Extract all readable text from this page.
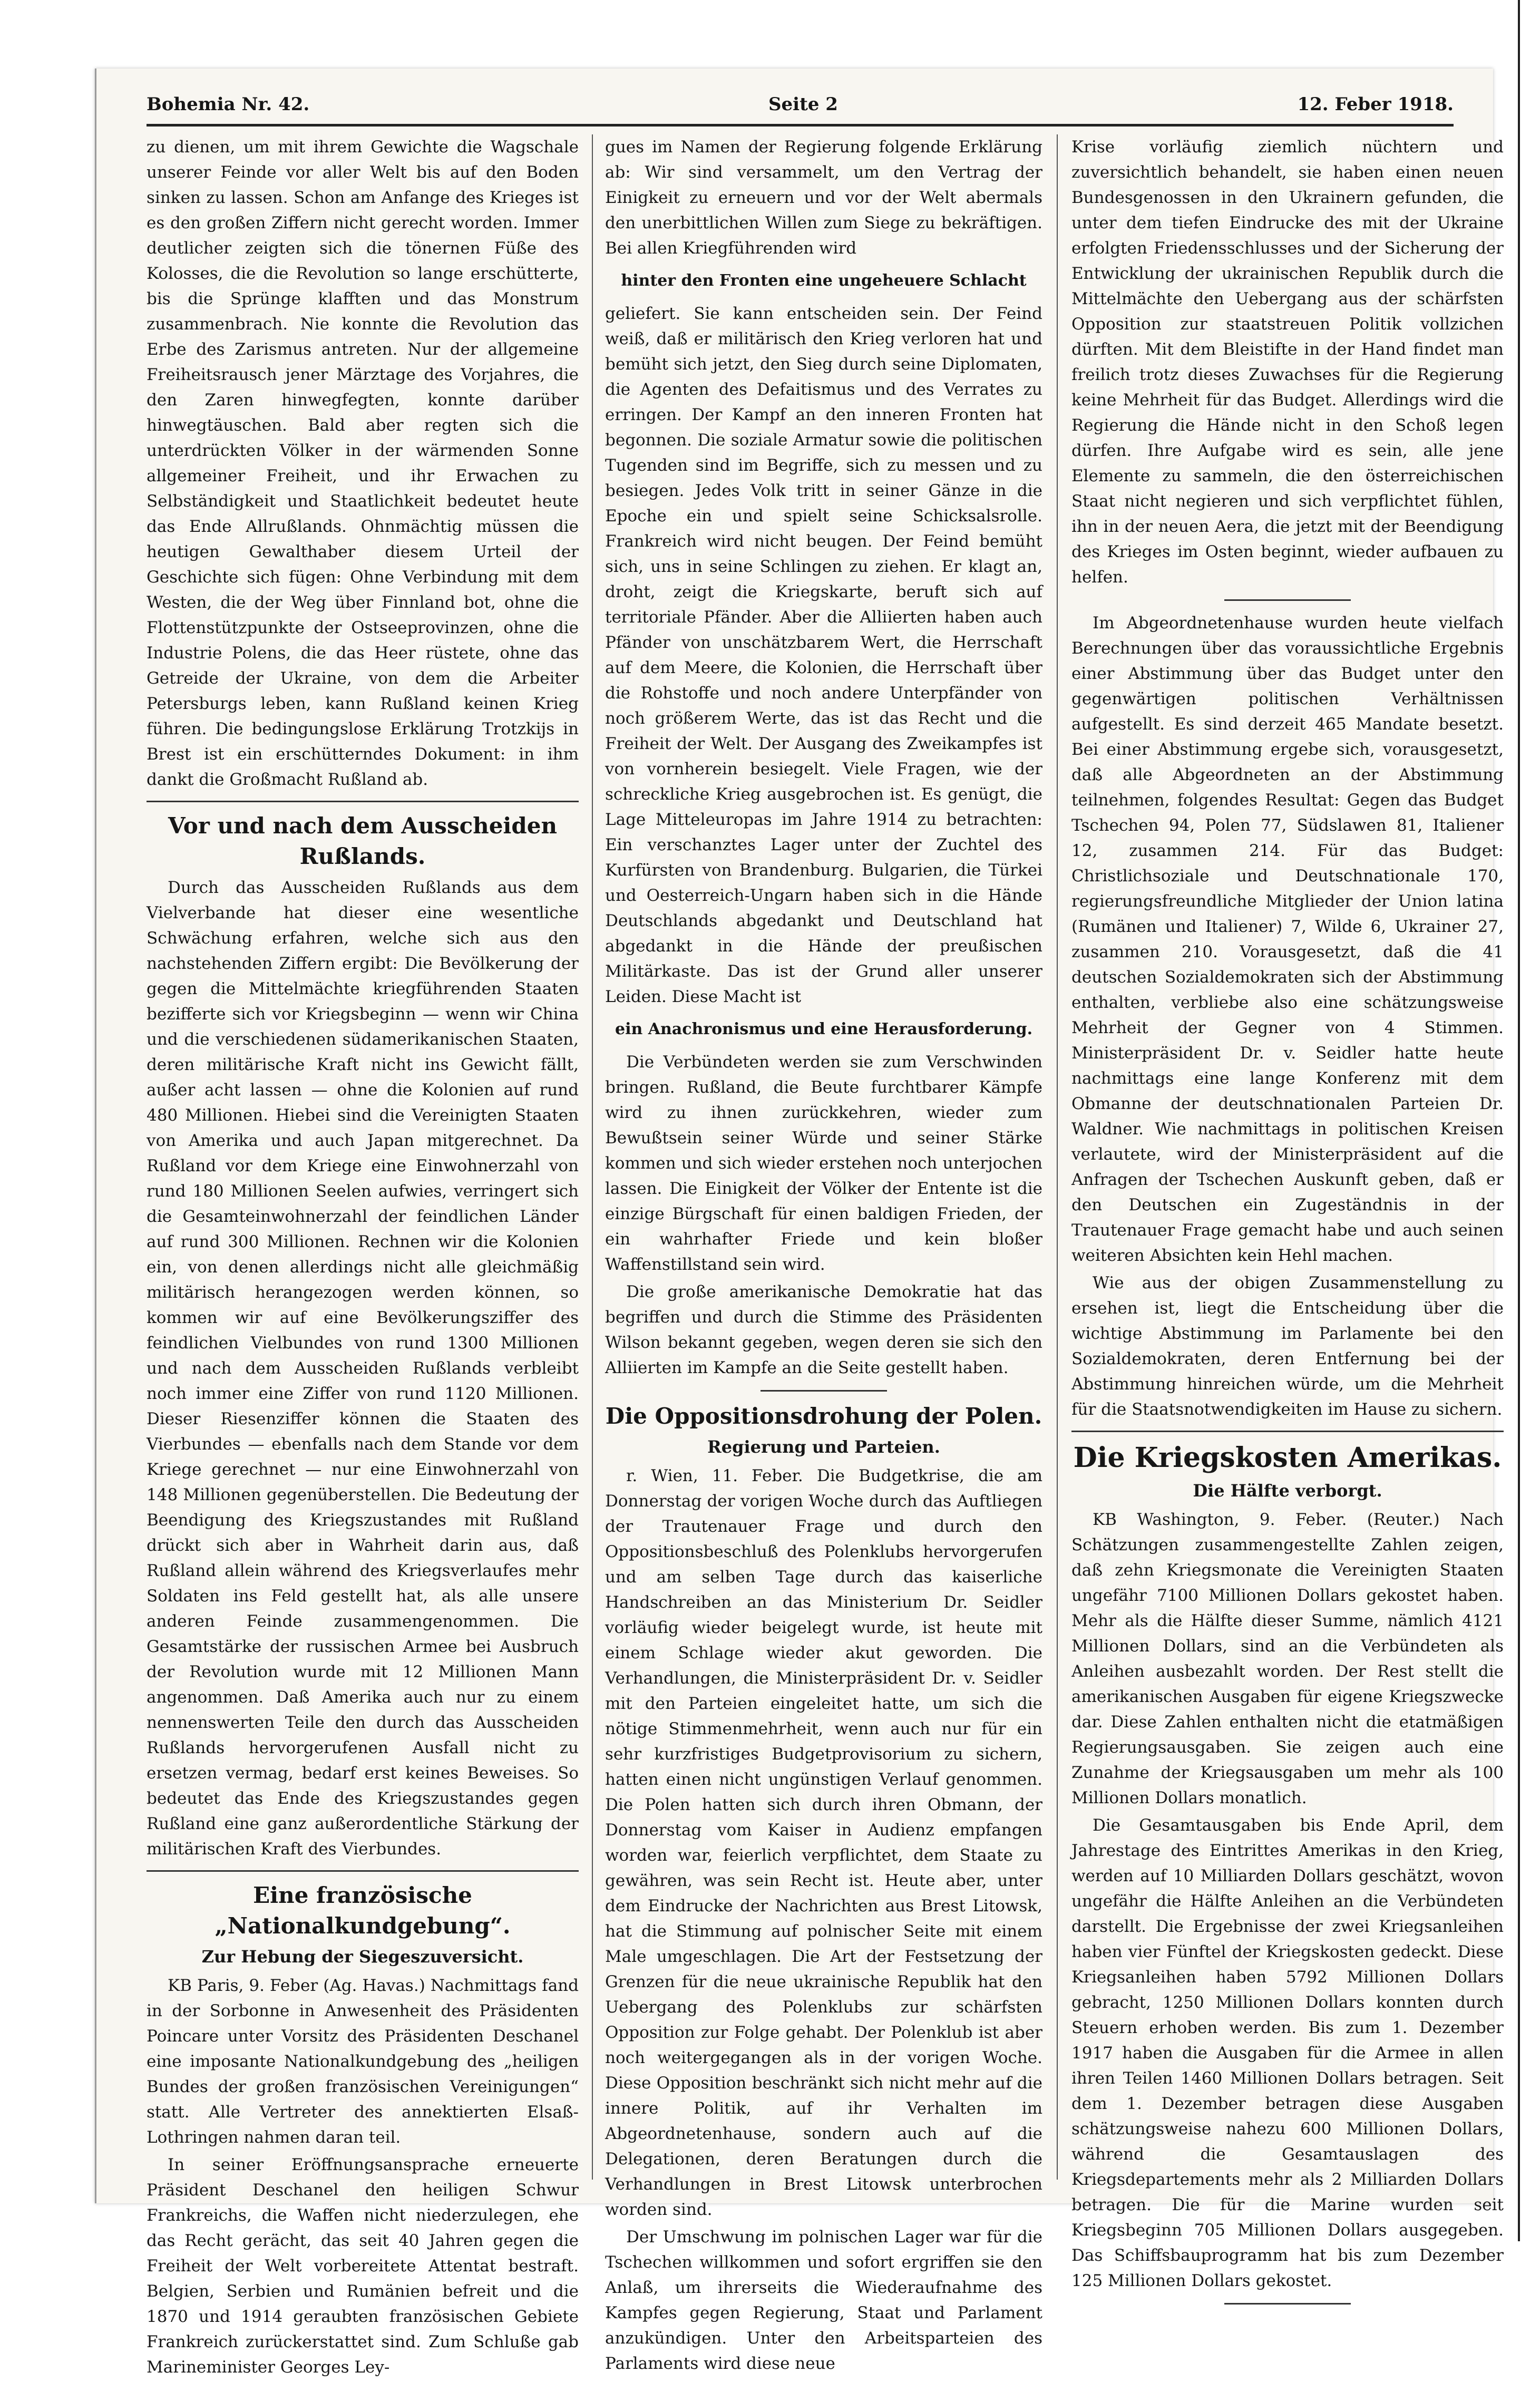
Bohemia Nr. 42.	Seite 2	12. Feber 1918.

zu dienen, um mit ihrem Gewichte die Wagschale unserer Feinde vor aller Welt bis auf den Boden sinken zu lassen. Schon am Anfange des Krieges ist es den großen Ziffern nicht gerecht worden. Immer deutlicher zeigten sich die tönernen Füße des Kolosses, die die Revolution so lange erschütterte, bis die Sprünge klafften und das Monstrum zusammenbrach. Nie konnte die Revolution das Erbe des Zarismus antreten. Nur der allgemeine Freiheitsrausch jener Märztage des Vorjahres, die den Zaren hinwegfegten, konnte darüber hinwegtäuschen. Bald aber regten sich die unterdrückten Völker in der wärmenden Sonne allgemeiner Freiheit, und ihr Erwachen zu Selbständigkeit und Staatlichkeit bedeutet heute das Ende Allrußlands. Ohnmächtig müssen die heutigen Gewalthaber diesem Urteil der Geschichte sich fügen: Ohne Verbindung mit dem Westen, die der Weg über Finnland bot, ohne die Flottenstützpunkte der Ostseeprovinzen, ohne die Industrie Polens, die das Heer rüstete, ohne das Getreide der Ukraine, von dem die Arbeiter Petersburgs leben, kann Rußland keinen Krieg führen. Die bedingungslose Erklärung Trotzkijs in Brest ist ein erschütterndes Dokument: in ihm dankt die Großmacht Rußland ab.

Vor und nach dem Ausscheiden Rußlands.

Durch das Ausscheiden Rußlands aus dem Vielverbande hat dieser eine wesentliche Schwächung erfahren, welche sich aus den nachstehenden Ziffern ergibt: Die Bevölkerung der gegen die Mittelmächte kriegführenden Staaten bezifferte sich vor Kriegsbeginn — wenn wir China und die verschiedenen südamerikanischen Staaten, deren militärische Kraft nicht ins Gewicht fällt, außer acht lassen — ohne die Kolonien auf rund 480 Millionen. Hiebei sind die Vereinigten Staaten von Amerika und auch Japan mitgerechnet. Da Rußland vor dem Kriege eine Einwohnerzahl von rund 180 Millionen Seelen aufwies, verringert sich die Gesamteinwohnerzahl der feindlichen Länder auf rund 300 Millionen. Rechnen wir die Kolonien ein, von denen allerdings nicht alle gleichmäßig militärisch herangezogen werden können, so kommen wir auf eine Bevölkerungsziffer des feindlichen Vielbundes von rund 1300 Millionen und nach dem Ausscheiden Rußlands verbleibt noch immer eine Ziffer von rund 1120 Millionen. Dieser Riesenziffer können die Staaten des Vierbundes — ebenfalls nach dem Stande vor dem Kriege gerechnet — nur eine Einwohnerzahl von 148 Millionen gegenüberstellen. Die Bedeutung der Beendigung des Kriegszustandes mit Rußland drückt sich aber in Wahrheit darin aus, daß Rußland allein während des Kriegsverlaufes mehr Soldaten ins Feld gestellt hat, als alle unsere anderen Feinde zusammengenommen. Die Gesamtstärke der russischen Armee bei Ausbruch der Revolution wurde mit 12 Millionen Mann angenommen. Daß Amerika auch nur zu einem nennenswerten Teile den durch das Ausscheiden Rußlands hervorgerufenen Ausfall nicht zu ersetzen vermag, bedarf erst keines Beweises. So bedeutet das Ende des Kriegszustandes gegen Rußland eine ganz außerordentliche Stärkung der militärischen Kraft des Vierbundes.

Eine französische „Nationalkundgebung“.
Zur Hebung der Siegeszuversicht.

KB Paris, 9. Feber (Ag. Havas.) Nachmittags fand in der Sorbonne in Anwesenheit des Präsidenten Poincare unter Vorsitz des Präsidenten Deschanel eine imposante Nationalkundgebung des „heiligen Bundes der großen französischen Vereinigungen“ statt. Alle Vertreter des annektierten Elsaß-Lothringen nahmen daran teil.

In seiner Eröffnungsansprache erneuerte Präsident Deschanel den heiligen Schwur Frankreichs, die Waffen nicht niederzulegen, ehe das Recht gerächt, das seit 40 Jahren gegen die Freiheit der Welt vorbereitete Attentat bestraft. Belgien, Serbien und Rumänien befreit und die 1870 und 1914 geraubten französischen Gebiete Frankreich zurückerstattet sind. Zum Schluße gab Marineminister Georges Ley-

gues im Namen der Regierung folgende Erklärung ab: Wir sind versammelt, um den Vertrag der Einigkeit zu erneuern und vor der Welt abermals den unerbittlichen Willen zum Siege zu bekräftigen. Bei allen Kriegführenden wird

hinter den Fronten eine ungeheuere Schlacht

geliefert. Sie kann entscheiden sein. Der Feind weiß, daß er militärisch den Krieg verloren hat und bemüht sich jetzt, den Sieg durch seine Diplomaten, die Agenten des Defaitismus und des Verrates zu erringen. Der Kampf an den inneren Fronten hat begonnen. Die soziale Armatur sowie die politischen Tugenden sind im Begriffe, sich zu messen und zu besiegen. Jedes Volk tritt in seiner Gänze in die Epoche ein und spielt seine Schicksalsrolle. Frankreich wird nicht beugen. Der Feind bemüht sich, uns in seine Schlingen zu ziehen. Er klagt an, droht, zeigt die Kriegskarte, beruft sich auf territoriale Pfänder. Aber die Alliierten haben auch Pfänder von unschätzbarem Wert, die Herrschaft auf dem Meere, die Kolonien, die Herrschaft über die Rohstoffe und noch andere Unterpfänder von noch größerem Werte, das ist das Recht und die Freiheit der Welt. Der Ausgang des Zweikampfes ist von vornherein besiegelt. Viele Fragen, wie der schreckliche Krieg ausgebrochen ist. Es genügt, die Lage Mitteleuropas im Jahre 1914 zu betrachten: Ein verschanztes Lager unter der Zuchtel des Kurfürsten von Brandenburg. Bulgarien, die Türkei und Oesterreich-Ungarn haben sich in die Hände Deutschlands abgedankt und Deutschland hat abgedankt in die Hände der preußischen Militärkaste. Das ist der Grund aller unserer Leiden. Diese Macht ist

ein Anachronismus und eine Herausforderung.

Die Verbündeten werden sie zum Verschwinden bringen. Rußland, die Beute furchtbarer Kämpfe wird zu ihnen zurückkehren, wieder zum Bewußtsein seiner Würde und seiner Stärke kommen und sich wieder erstehen noch unterjochen lassen. Die Einigkeit der Völker der Entente ist die einzige Bürgschaft für einen baldigen Frieden, der ein wahrhafter Friede und kein bloßer Waffenstillstand sein wird.

Die große amerikanische Demokratie hat das begriffen und durch die Stimme des Präsidenten Wilson bekannt gegeben, wegen deren sie sich den Alliierten im Kampfe an die Seite gestellt haben.

Die Oppositionsdrohung der Polen.
Regierung und Parteien.

r. Wien, 11. Feber. Die Budgetkrise, die am Donnerstag der vorigen Woche durch das Auftliegen der Trautenauer Frage und durch den Oppositionsbeschluß des Polenklubs hervorgerufen und am selben Tage durch das kaiserliche Handschreiben an das Ministerium Dr. Seidler vorläufig wieder beigelegt wurde, ist heute mit einem Schlage wieder akut geworden. Die Verhandlungen, die Ministerpräsident Dr. v. Seidler mit den Parteien eingeleitet hatte, um sich die nötige Stimmenmehrheit, wenn auch nur für ein sehr kurzfristiges Budgetprovisorium zu sichern, hatten einen nicht ungünstigen Verlauf genommen. Die Polen hatten sich durch ihren Obmann, der Donnerstag vom Kaiser in Audienz empfangen worden war, feierlich verpflichtet, dem Staate zu gewähren, was sein Recht ist. Heute aber, unter dem Eindrucke der Nachrichten aus Brest Litowsk, hat die Stimmung auf polnischer Seite mit einem Male umgeschlagen. Die Art der Festsetzung der Grenzen für die neue ukrainische Republik hat den Uebergang des Polenklubs zur schärfsten Opposition zur Folge gehabt. Der Polenklub ist aber noch weitergegangen als in der vorigen Woche. Diese Opposition beschränkt sich nicht mehr auf die innere Politik, auf ihr Verhalten im Abgeordnetenhause, sondern auch auf die Delegationen, deren Beratungen durch die Verhandlungen in Brest Litowsk unterbrochen worden sind.

Der Umschwung im polnischen Lager war für die Tschechen willkommen und sofort ergriffen sie den Anlaß, um ihrerseits die Wiederaufnahme des Kampfes gegen Regierung, Staat und Parlament anzukündigen. Unter den Arbeitsparteien des Parlaments wird diese neue

Krise vorläufig ziemlich nüchtern und zuversichtlich behandelt, sie haben einen neuen Bundesgenossen in den Ukrainern gefunden, die unter dem tiefen Eindrucke des mit der Ukraine erfolgten Friedensschlusses und der Sicherung der Entwicklung der ukrainischen Republik durch die Mittelmächte den Uebergang aus der schärfsten Opposition zur staatstreuen Politik vollzichen dürften. Mit dem Bleistifte in der Hand findet man freilich trotz dieses Zuwachses für die Regierung keine Mehrheit für das Budget. Allerdings wird die Regierung die Hände nicht in den Schoß legen dürfen. Ihre Aufgabe wird es sein, alle jene Elemente zu sammeln, die den österreichischen Staat nicht negieren und sich verpflichtet fühlen, ihn in der neuen Aera, die jetzt mit der Beendigung des Krieges im Osten beginnt, wieder aufbauen zu helfen.

Im Abgeordnetenhause wurden heute vielfach Berechnungen über das voraussichtliche Ergebnis einer Abstimmung über das Budget unter den gegenwärtigen politischen Verhältnissen aufgestellt. Es sind derzeit 465 Mandate besetzt. Bei einer Abstimmung ergebe sich, vorausgesetzt, daß alle Abgeordneten an der Abstimmung teilnehmen, folgendes Resultat: Gegen das Budget Tschechen 94, Polen 77, Südslawen 81, Italiener 12, zusammen 214. Für das Budget: Christlichsoziale und Deutschnationale 170, regierungsfreundliche Mitglieder der Union latina (Rumänen und Italiener) 7, Wilde 6, Ukrainer 27, zusammen 210. Vorausgesetzt, daß die 41 deutschen Sozialdemokraten sich der Abstimmung enthalten, verbliebe also eine schätzungsweise Mehrheit der Gegner von 4 Stimmen. Ministerpräsident Dr. v. Seidler hatte heute nachmittags eine lange Konferenz mit dem Obmanne der deutschnationalen Parteien Dr. Waldner. Wie nachmittags in politischen Kreisen verlautete, wird der Ministerpräsident auf die Anfragen der Tschechen Auskunft geben, daß er den Deutschen ein Zugeständnis in der Trautenauer Frage gemacht habe und auch seinen weiteren Absichten kein Hehl machen.

Wie aus der obigen Zusammenstellung zu ersehen ist, liegt die Entscheidung über die wichtige Abstimmung im Parlamente bei den Sozialdemokraten, deren Entfernung bei der Abstimmung hinreichen würde, um die Mehrheit für die Staatsnotwendigkeiten im Hause zu sichern.

Die Kriegskosten Amerikas.
Die Hälfte verborgt.

KB Washington, 9. Feber. (Reuter.) Nach Schätzungen zusammengestellte Zahlen zeigen, daß zehn Kriegsmonate die Vereinigten Staaten ungefähr 7100 Millionen Dollars gekostet haben. Mehr als die Hälfte dieser Summe, nämlich 4121 Millionen Dollars, sind an die Verbündeten als Anleihen ausbezahlt worden. Der Rest stellt die amerikanischen Ausgaben für eigene Kriegszwecke dar. Diese Zahlen enthalten nicht die etatmäßigen Regierungsausgaben. Sie zeigen auch eine Zunahme der Kriegsausgaben um mehr als 100 Millionen Dollars monatlich.

Die Gesamtausgaben bis Ende April, dem Jahrestage des Eintrittes Amerikas in den Krieg, werden auf 10 Milliarden Dollars geschätzt, wovon ungefähr die Hälfte Anleihen an die Verbündeten darstellt. Die Ergebnisse der zwei Kriegsanleihen haben vier Fünftel der Kriegskosten gedeckt. Diese Kriegsanleihen haben 5792 Millionen Dollars gebracht, 1250 Millionen Dollars konnten durch Steuern erhoben werden. Bis zum 1. Dezember 1917 haben die Ausgaben für die Armee in allen ihren Teilen 1460 Millionen Dollars betragen. Seit dem 1. Dezember betragen diese Ausgaben schätzungsweise nahezu 600 Millionen Dollars, während die Gesamtauslagen des Kriegsdepartements mehr als 2 Milliarden Dollars betragen. Die für die Marine wurden seit Kriegsbeginn 705 Millionen Dollars ausgegeben. Das Schiffsbauprogramm hat bis zum Dezember 125 Millionen Dollars gekostet.
